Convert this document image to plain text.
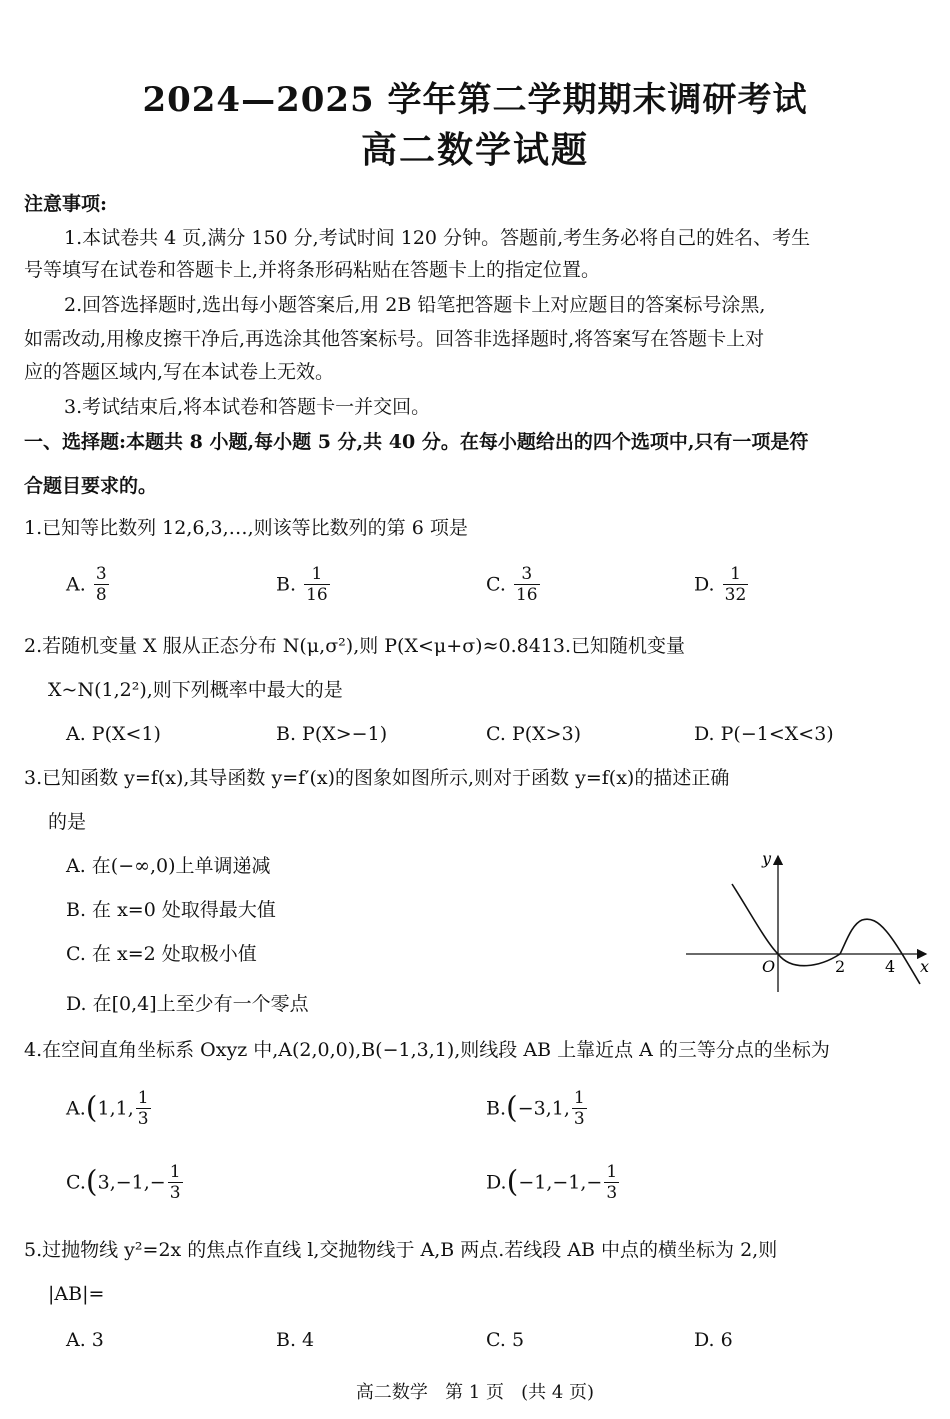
2024—2025 学年第二学期期末调研考试
高二数学试题
注意事项:
1.本试卷共 4 页,满分 150 分,考试时间 120 分钟。答题前,考生务必将自己的姓名、考生
号等填写在试卷和答题卡上,并将条形码粘贴在答题卡上的指定位置。
2.回答选择题时,选出每小题答案后,用 2B 铅笔把答题卡上对应题目的答案标号涂黑,
如需改动,用橡皮擦干净后,再选涂其他答案标号。回答非选择题时,将答案写在答题卡上对
应的答题区域内,写在本试卷上无效。
3.考试结束后,将本试卷和答题卡一并交回。
一、选择题:本题共 8 小题,每小题 5 分,共 40 分。在每小题给出的四个选项中,只有一项是符
合题目要求的。
1.已知等比数列 12,6,3,…,则该等比数列的第 6 项是
A. $\frac{3}{8}$	B. $\frac{1}{16}$	C. $\frac{3}{16}$	D. $\frac{1}{32}$
2.若随机变量 X 服从正态分布 N(μ,σ²),则 P(X<μ+σ)≈0.8413.已知随机变量
X~N(1,2²),则下列概率中最大的是
A. P(X<1)	B. P(X>−1)	C. P(X>3)	D. P(−1<X<3)
3.已知函数 y=f(x),其导函数 y=f′(x)的图象如图所示,则对于函数 y=f(x)的描述正确
的是
A. 在(−∞,0)上单调递减
B. 在 x=0 处取得最大值
C. 在 x=2 处取极小值
D. 在[0,4]上至少有一个零点
y
x
O	2 4
4.在空间直角坐标系 Oxyz 中,A(2,0,0),B(−1,3,1),则线段 AB 上靠近点 A 的三等分点的坐标为
A.(1,1, $\frac{1}{3}$	B.(−3,1, $\frac{1}{3}$
$C.(3,-1,- \frac{1}{3}$	$D.(-1,-1,- \frac{1}{3}$
5.过抛物线 y²=2x 的焦点作直线 l,交抛物线于 A,B 两点.若线段 AB 中点的横坐标为 2,则
|AB|=
A. 3	B. 4	C. 5	D. 6
高二数学   第 1 页   (共 4 页)
